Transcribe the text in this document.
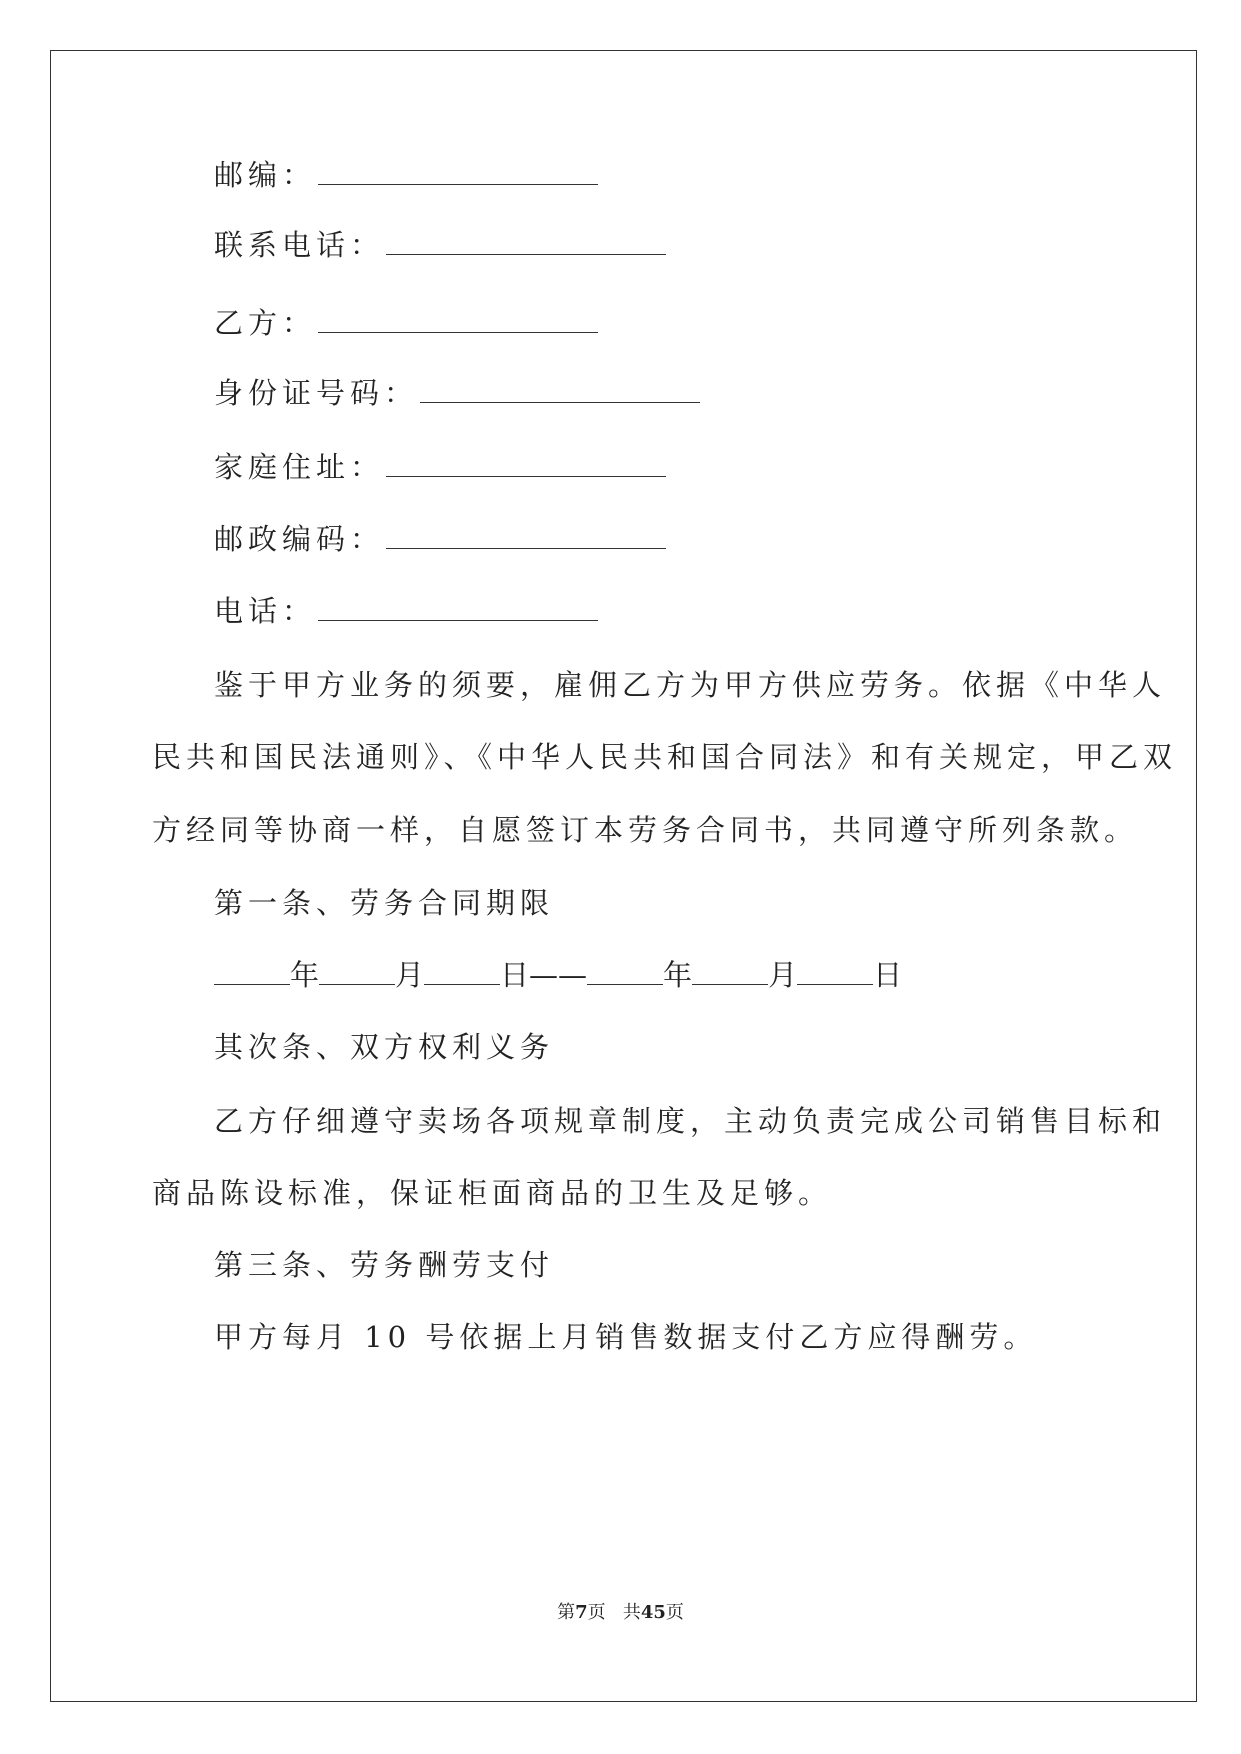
邮编：
联系电话：
乙方：
身份证号码：
家庭住址：
邮政编码：
电话：
鉴于甲方业务的须要，雇佣乙方为甲方供应劳务。依据《中华人
民共和国民法通则》、《中华人民共和国合同法》和有关规定，甲乙双
方经同等协商一样，自愿签订本劳务合同书，共同遵守所列条款。
第一条、劳务合同期限
年	月	日——	年	月	日
其次条、双方权利义务
乙方仔细遵守卖场各项规章制度，主动负责完成公司销售目标和
商品陈设标准，保证柜面商品的卫生及足够。
第三条、劳务酬劳支付
甲方每月 10 号依据上月销售数据支付乙方应得酬劳。
第7页 共45页
